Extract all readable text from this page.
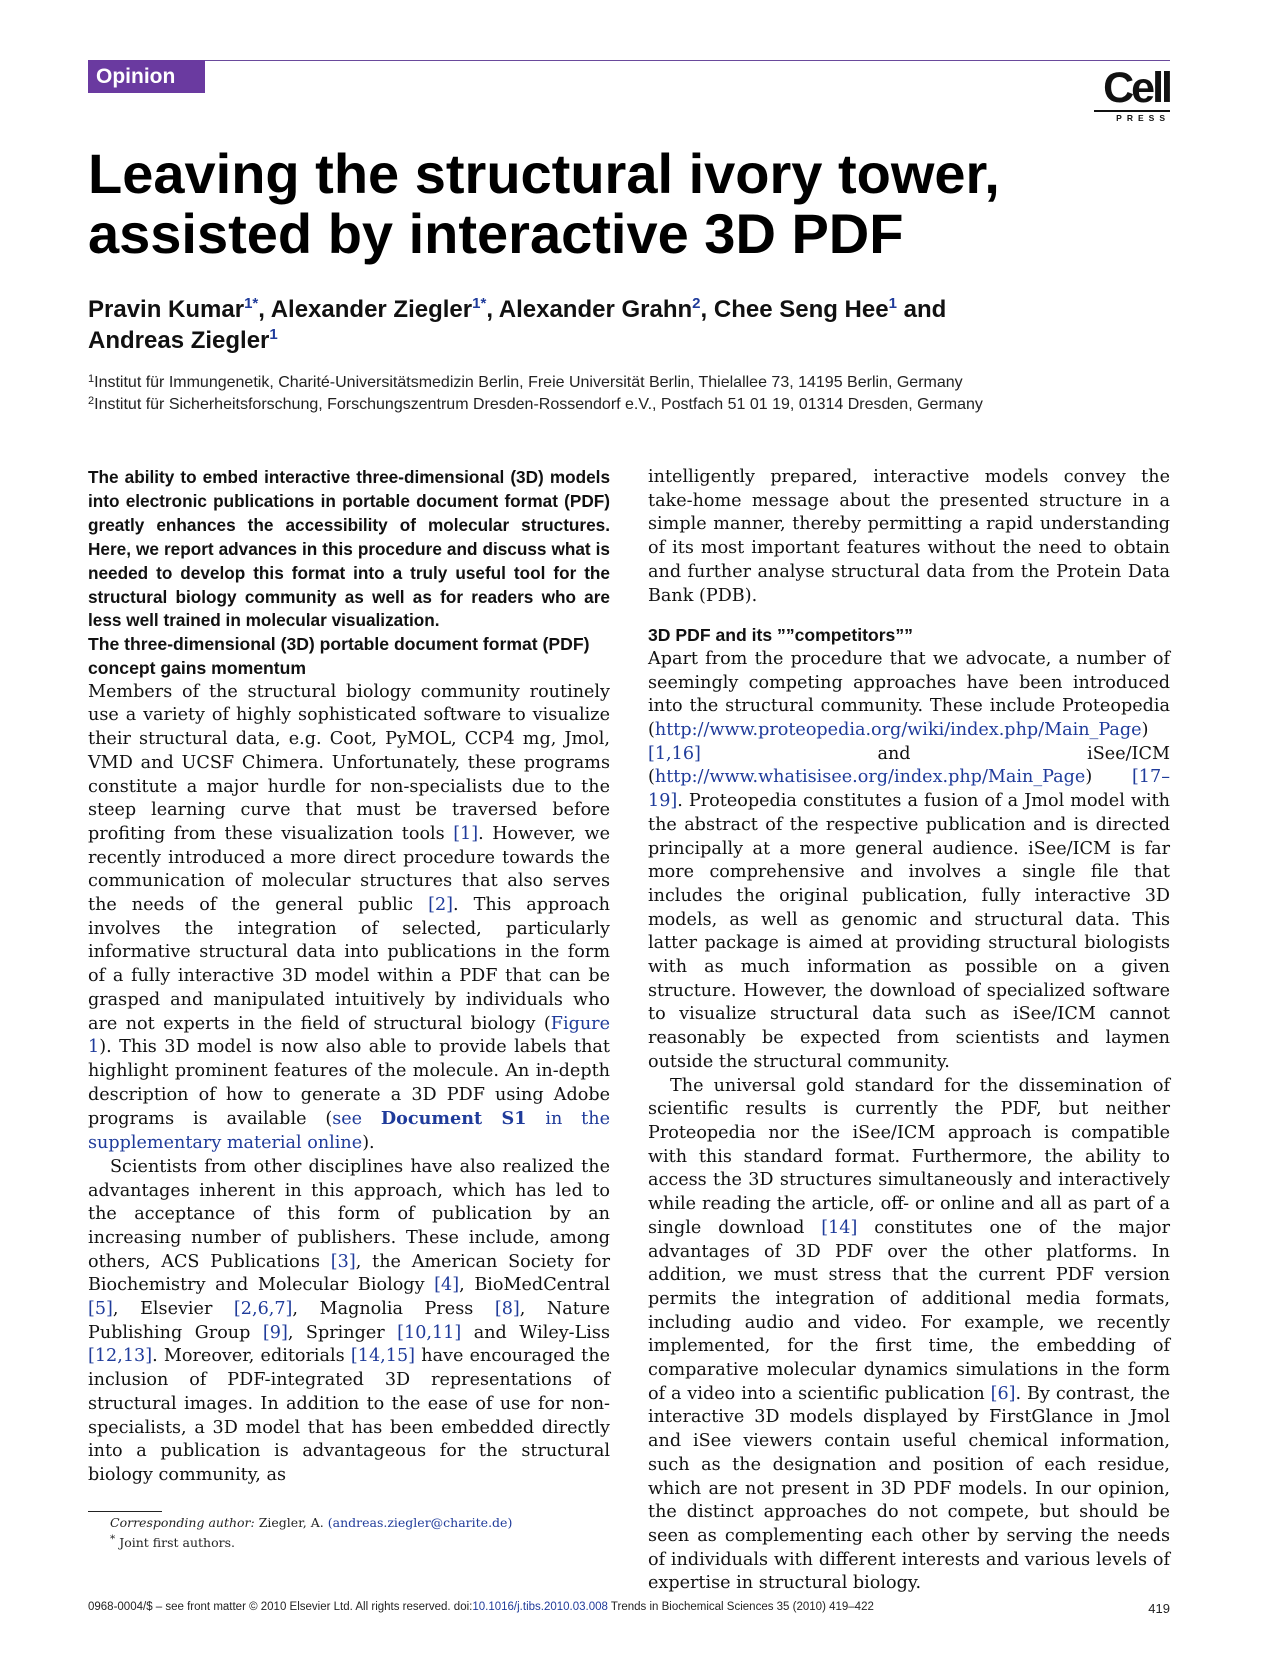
Opinion	Cell
PRESS
Leaving the structural ivory tower, assisted by interactive 3D PDF
Pravin Kumar$^{1*}$, Alexander Ziegler$^{1*}$, Alexander Grahn$^2$, Chee Seng Hee$^1$ and
Andreas Ziegler$^1$
$^1$Institut für Immungenetik, Charité-Universitätsmedizin Berlin, Freie Universität Berlin, Thielallee 73, 14195 Berlin, Germany
$^2$Institut für Sicherheitsforschung, Forschungszentrum Dresden-Rossendorf e.V., Postfach 51 01 19, 01314 Dresden, Germany

The ability to embed interactive three-dimensional (3D) models into electronic publications in portable document format (PDF) greatly enhances the accessibility of molecular structures. Here, we report advances in this procedure and discuss what is needed to develop this format into a truly useful tool for the structural biology community as well as for readers who are less well trained in molecular visualization.

The three-dimensional (3D) portable document format (PDF) concept gains momentum

Members of the structural biology community routinely use a variety of highly sophisticated software to visualize their structural data, e.g. Coot, PyMOL, CCP4 mg, Jmol, VMD and UCSF Chimera. Unfortunately, these programs constitute a major hurdle for non-specialists due to the steep learning curve that must be traversed before profiting from these visualization tools [1]. However, we recently introduced a more direct procedure towards the communication of molecular structures that also serves the needs of the general public [2]. This approach involves the integration of selected, particularly informative structural data into publications in the form of a fully interactive 3D model within a PDF that can be grasped and manipulated intuitively by individuals who are not experts in the field of structural biology (Figure 1). This 3D model is now also able to provide labels that highlight prominent features of the molecule. An in-depth description of how to generate a 3D PDF using Adobe programs is available (see Document S1 in the supplementary material online).

Scientists from other disciplines have also realized the advantages inherent in this approach, which has led to the acceptance of this form of publication by an increasing number of publishers. These include, among others, ACS Publications [3], the American Society for Biochemistry and Molecular Biology [4], BioMedCentral [5], Elsevier [2,6,7], Magnolia Press [8], Nature Publishing Group [9], Springer [10,11] and Wiley-Liss [12,13]. Moreover, editorials [14,15] have encouraged the inclusion of PDF-integrated 3D representations of structural images. In addition to the ease of use for non-specialists, a 3D model that has been embedded directly into a publication is advantageous for the structural biology community, as

intelligently prepared, interactive models convey the take-home message about the presented structure in a simple manner, thereby permitting a rapid understanding of its most important features without the need to obtain and further analyse structural data from the Protein Data Bank (PDB).

3D PDF and its ””competitors””

Apart from the procedure that we advocate, a number of seemingly competing approaches have been introduced into the structural community. These include Proteopedia (http://www.proteopedia.org/wiki/index.php/Main_Page) [1,16] and iSee/ICM (http://www.whatisisee.org/index.php/Main_Page) [17–19]. Proteopedia constitutes a fusion of a Jmol model with the abstract of the respective publication and is directed principally at a more general audience. iSee/ICM is far more comprehensive and involves a single file that includes the original publication, fully interactive 3D models, as well as genomic and structural data. This latter package is aimed at providing structural biologists with as much information as possible on a given structure. However, the download of specialized software to visualize structural data such as iSee/ICM cannot reasonably be expected from scientists and laymen outside the structural community.

The universal gold standard for the dissemination of scientific results is currently the PDF, but neither Proteopedia nor the iSee/ICM approach is compatible with this standard format. Furthermore, the ability to access the 3D structures simultaneously and interactively while reading the article, off- or online and all as part of a single download [14] constitutes one of the major advantages of 3D PDF over the other platforms. In addition, we must stress that the current PDF version permits the integration of additional media formats, including audio and video. For example, we recently implemented, for the first time, the embedding of comparative molecular dynamics simulations in the form of a video into a scientific publication [6]. By contrast, the interactive 3D models displayed by FirstGlance in Jmol and iSee viewers contain useful chemical information, such as the designation and position of each residue, which are not present in 3D PDF models. In our opinion, the distinct approaches do not compete, but should be seen as complementing each other by serving the needs of individuals with different interests and various levels of expertise in structural biology.

Corresponding author: Ziegler, A. (andreas.ziegler@charite.de)
* Joint first authors.
0968-0004/$ – see front matter © 2010 Elsevier Ltd. All rights reserved. doi:10.1016/j.tibs.2010.03.008 Trends in Biochemical Sciences 35 (2010) 419–422	419
